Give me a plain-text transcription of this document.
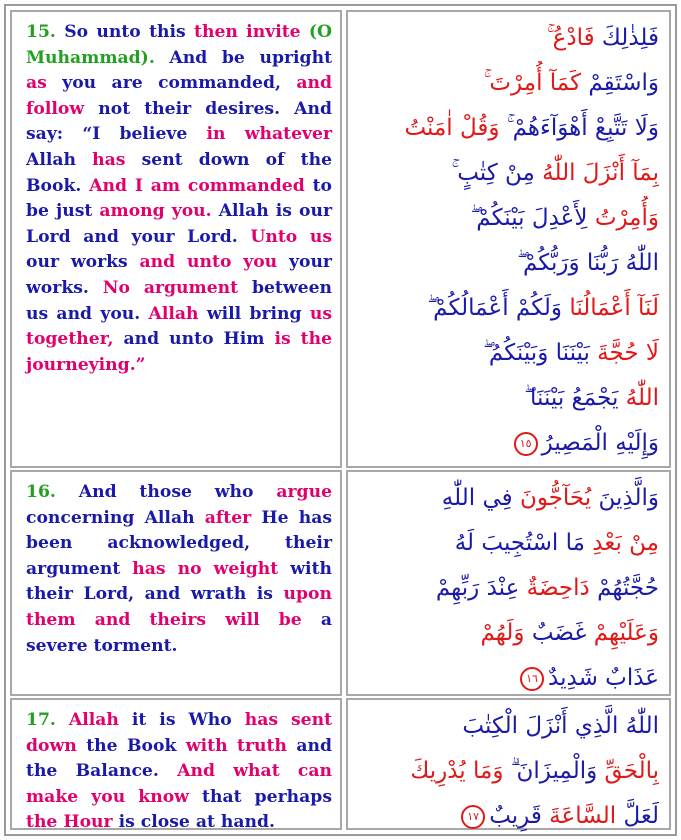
15. So unto this then invite (O Muhammad). And be upright as you are commanded, and follow not their desires. And say: “I believe in whatever Allah has sent down of the Book. And I am commanded to be just among you. Allah is our Lord and your Lord. Unto us our works and unto you your works. No argument between us and you. Allah will bring us together, and unto Him is the journeying.”

فَلِذٰلِكَ فَادْعُ ۚ
وَاسْتَقِمْ كَمَآ أُمِرْتَ ۚ
وَلَا تَتَّبِعْ أَهْوَآءَهُمْ ۚ وَقُلْ اٰمَنْتُ
بِمَآ أَنْزَلَ اللّٰهُ مِنْ كِتٰبٍ ۚ
وَأُمِرْتُ لِأَعْدِلَ بَيْنَكُمْ ۖ
اللّٰهُ رَبُّنَا وَرَبُّكُمْ ۖ
لَنَآ أَعْمَالُنَا وَلَكُمْ أَعْمَالُكُمْ ۖ
لَا حُجَّةَ بَيْنَنَا وَبَيْنَكُمُ ۖ
اللّٰهُ يَجْمَعُ بَيْنَنَا ۖ
وَإِلَيْهِ الْمَصِيرُ١٥

16. And those who argue concerning Allah after He has been acknowledged, their argument has no weight with their Lord, and wrath is upon them and theirs will be a severe torment.

وَالَّذِينَ يُحَآجُّونَ فِي اللّٰهِ
مِنْ بَعْدِ مَا اسْتُجِيبَ لَهُ
حُجَّتُهُمْ دَاحِضَةٌ عِنْدَ رَبِّهِمْ
وَعَلَيْهِمْ غَضَبٌ وَلَهُمْ
عَذَابٌ شَدِيدٌ١٦

17. Allah it is Who has sent down the Book with truth and the Balance. And what can make you know that perhaps the Hour is close at hand.

اللّٰهُ الَّذِي أَنْزَلَ الْكِتٰبَ
بِالْحَقِّ وَالْمِيزَانَ ۗ وَمَا يُدْرِيكَ
لَعَلَّ السَّاعَةَ قَرِيبٌ١٧
